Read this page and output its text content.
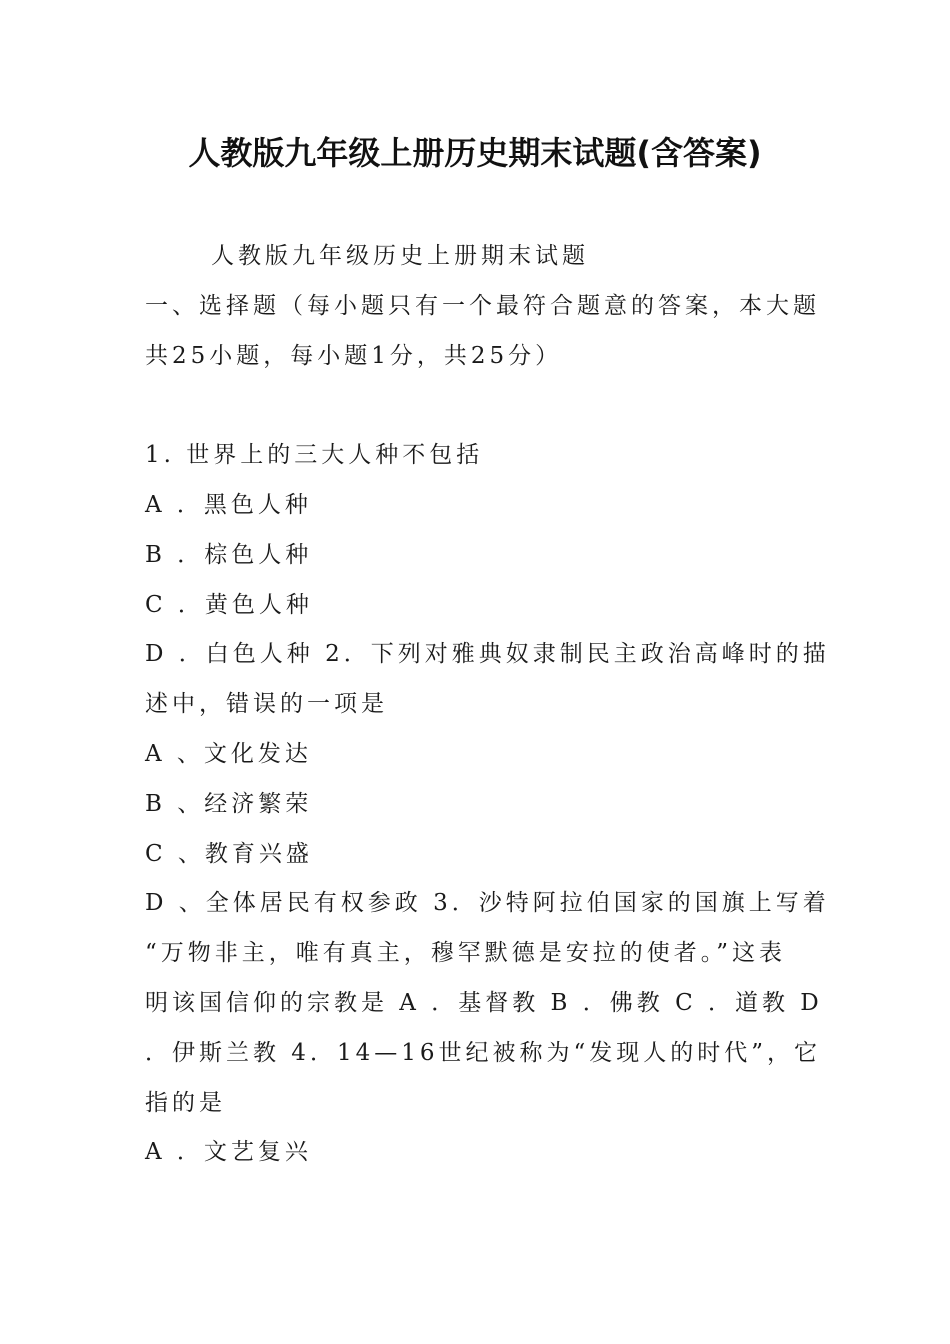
人教版九年级上册历史期末试题(含答案)
人教版九年级历史上册期末试题
一、选择题（每小题只有一个最符合题意的答案，本大题
共25小题，每小题1分，共25分）
1. 世界上的三大人种不包括
A ．黑色人种
B ．棕色人种
C ．黄色人种
D ．白色人种 2．下列对雅典奴隶制民主政治高峰时的描
述中，错误的一项是
A 、文化发达
B 、经济繁荣
C 、教育兴盛
D 、全体居民有权参政 3．沙特阿拉伯国家的国旗上写着
“万物非主，唯有真主，穆罕默德是安拉的使者。”这表
明该国信仰的宗教是 A ．基督教 B ．佛教 C ．道教 D
．伊斯兰教 4．14—16世纪被称为“发现人的时代”，它
指的是
A ．文艺复兴
